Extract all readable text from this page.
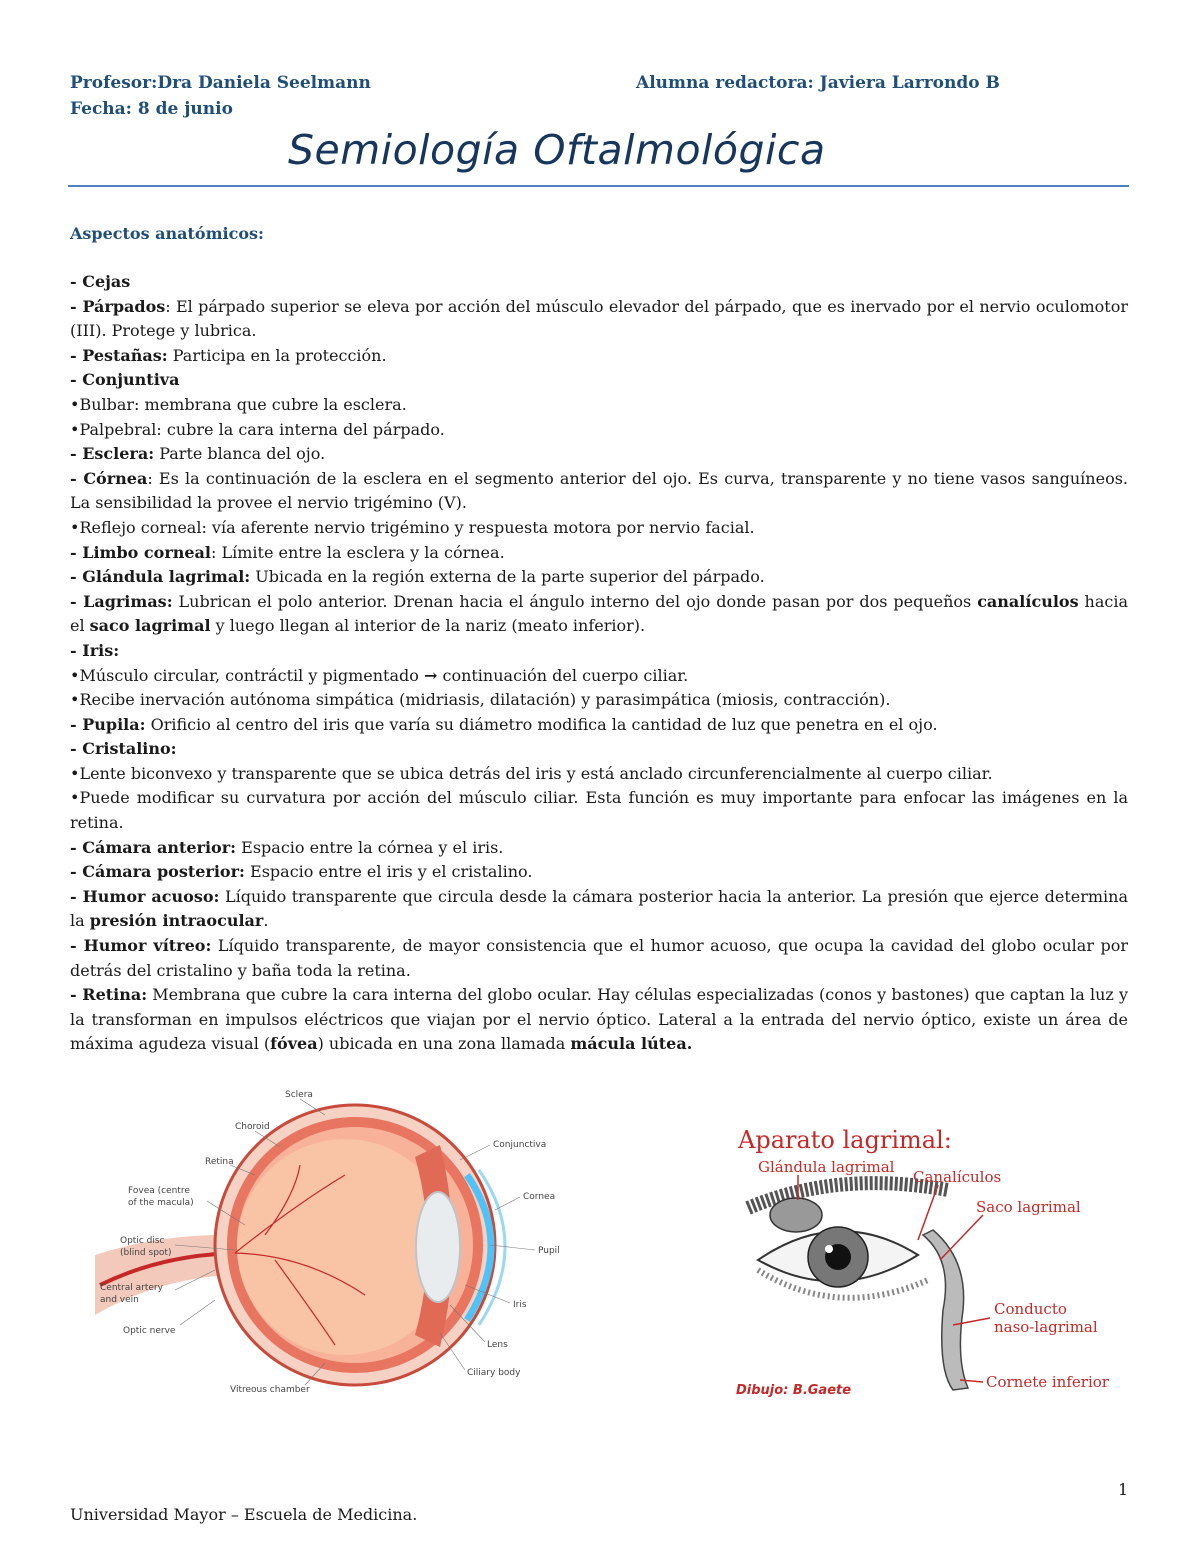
Profesor:Dra Daniela Seelmann	Alumna redactora: Javiera Larrondo B
Fecha: 8 de junio
Semiología Oftalmológica
Aspectos anatómicos:
- Cejas
- Párpados: El párpado superior se eleva por acción del músculo elevador del párpado, que es inervado por el nervio oculomotor (III). Protege y lubrica.
- Pestañas: Participa en la protección.
- Conjuntiva
•Bulbar: membrana que cubre la esclera.
•Palpebral: cubre la cara interna del párpado.
- Esclera: Parte blanca del ojo.
- Córnea: Es la continuación de la esclera en el segmento anterior del ojo. Es curva, transparente y no tiene vasos sanguíneos. La sensibilidad la provee el nervio trigémino (V).
•Reflejo corneal: vía aferente nervio trigémino y respuesta motora por nervio facial.
- Limbo corneal: Límite entre la esclera y la córnea.
- Glándula lagrimal: Ubicada en la región externa de la parte superior del párpado.
- Lagrimas: Lubrican el polo anterior. Drenan hacia el ángulo interno del ojo donde pasan por dos pequeños canalículos hacia el saco lagrimal y luego llegan al interior de la nariz (meato inferior).
- Iris:
•Músculo circular, contráctil y pigmentado → continuación del cuerpo ciliar.
•Recibe inervación autónoma simpática (midriasis, dilatación) y parasimpática (miosis, contracción).
- Pupila: Orificio al centro del iris que varía su diámetro modifica la cantidad de luz que penetra en el ojo.
- Cristalino:
•Lente biconvexo y transparente que se ubica detrás del iris y está anclado circunferencialmente al cuerpo ciliar.
•Puede modificar su curvatura por acción del músculo ciliar. Esta función es muy importante para enfocar las imágenes en la retina.
- Cámara anterior: Espacio entre la córnea y el iris.
- Cámara posterior: Espacio entre el iris y el cristalino.
- Humor acuoso: Líquido transparente que circula desde la cámara posterior hacia la anterior. La presión que ejerce determina la presión intraocular.
- Humor vítreo: Líquido transparente, de mayor consistencia que el humor acuoso, que ocupa la cavidad del globo ocular por detrás del cristalino y baña toda la retina.
- Retina: Membrana que cubre la cara interna del globo ocular. Hay células especializadas (conos y bastones) que captan la luz y la transforman en impulsos eléctricos que viajan por el nervio óptico. Lateral a la entrada del nervio óptico, existe un área de máxima agudeza visual (fóvea) ubicada en una zona llamada mácula lútea.
Sclera
Choroid
Retina
Fovea (centre
of the macula)
Optic disc
(blind spot)
Central artery
and vein
Optic nerve
Vitreous chamber
Conjunctiva
Cornea
Pupil
Iris
Lens
Ciliary body
Aparato lagrimal:
Glándula lagrimal
Canalículos
Saco lagrimal
Conducto
naso-lagrimal
Cornete inferior
Dibujo: B.Gaete
1
Universidad Mayor – Escuela de Medicina.
